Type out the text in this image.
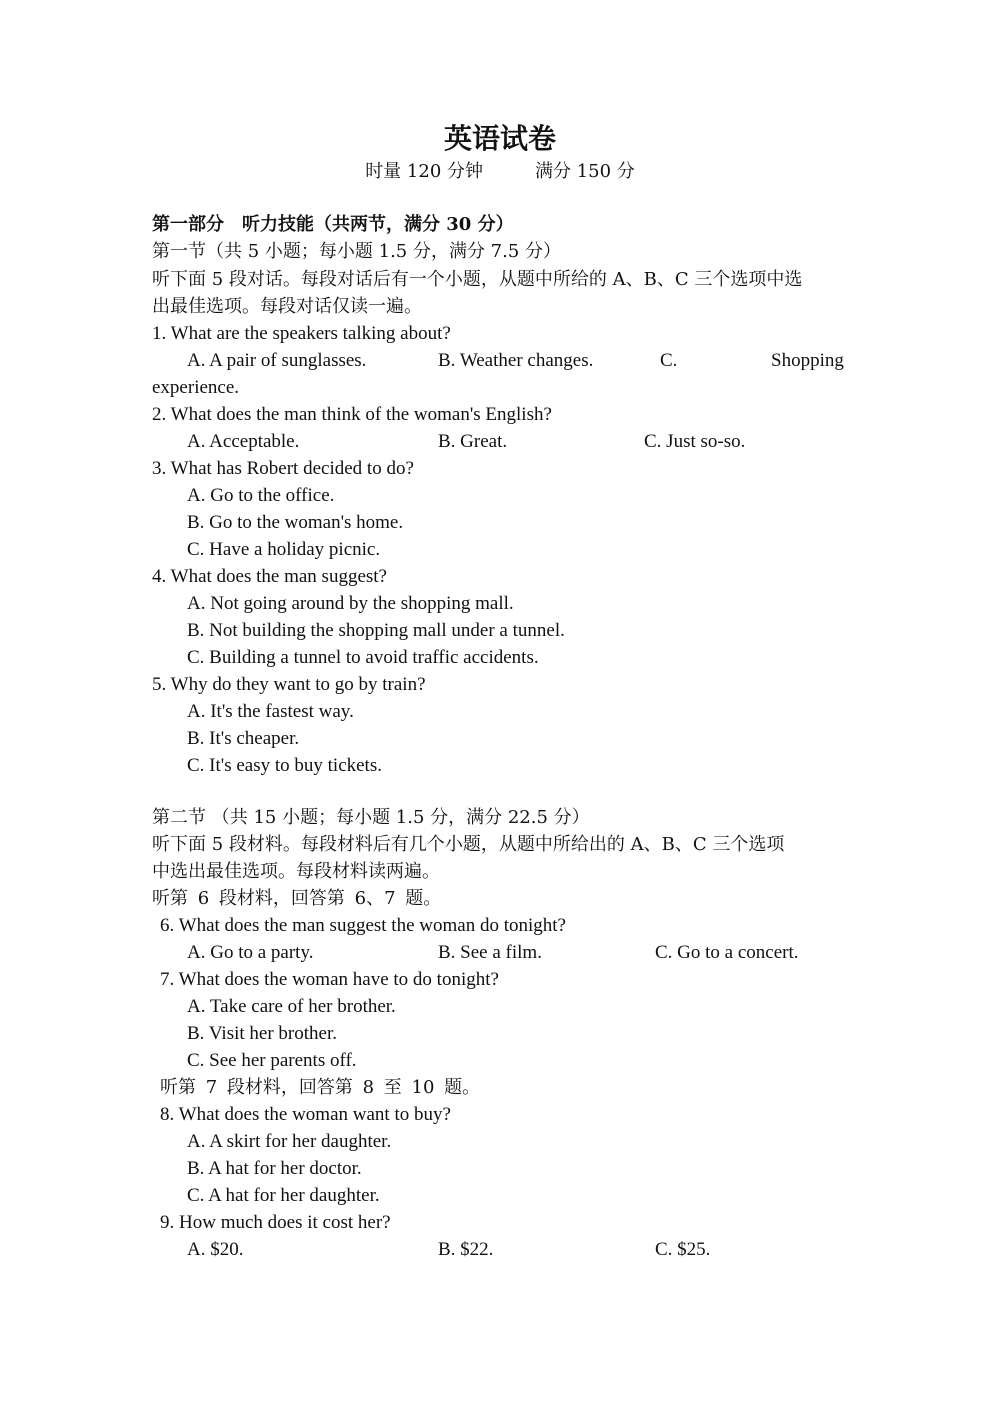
英语试卷
时量 120 分钟	满分 150 分
第一部分　听力技能（共两节，满分 30 分）
第一节（共 5 小题；每小题 1.5 分，满分 7.5 分）
听下面 5 段对话。每段对话后有一个小题，从题中所给的 A、B、C 三个选项中选
出最佳选项。每段对话仅读一遍。
1. What are the speakers talking about?
A. A pair of sunglasses.	B. Weather changes.	C.	Shopping
experience.
2. What does the man think of the woman's English?
A. Acceptable.	B. Great.	C. Just so-so.
3. What has Robert decided to do?
A. Go to the office.
B. Go to the woman's home.
C. Have a holiday picnic.
4. What does the man suggest?
A. Not going around by the shopping mall.
B. Not building the shopping mall under a tunnel.
C. Building a tunnel to avoid traffic accidents.
5. Why do they want to go by train?
A. It's the fastest way.
B. It's cheaper.
C. It's easy to buy tickets.
第二节 （共 15 小题；每小题 1.5 分，满分 22.5 分）
听下面 5 段材料。每段材料后有几个小题，从题中所给出的 A、B、C 三个选项
中选出最佳选项。每段材料读两遍。
听第 6 段材料，回答第 6、7 题。
6. What does the man suggest the woman do tonight?
A. Go to a party.	B. See a film.	C. Go to a concert.
7. What does the woman have to do tonight?
A. Take care of her brother.
B. Visit her brother.
C. See her parents off.
听第 7 段材料，回答第 8 至 10 题。
8. What does the woman want to buy?
A. A skirt for her daughter.
B. A hat for her doctor.
C. A hat for her daughter.
9. How much does it cost her?
A. $20.	B. $22.	C. $25.
